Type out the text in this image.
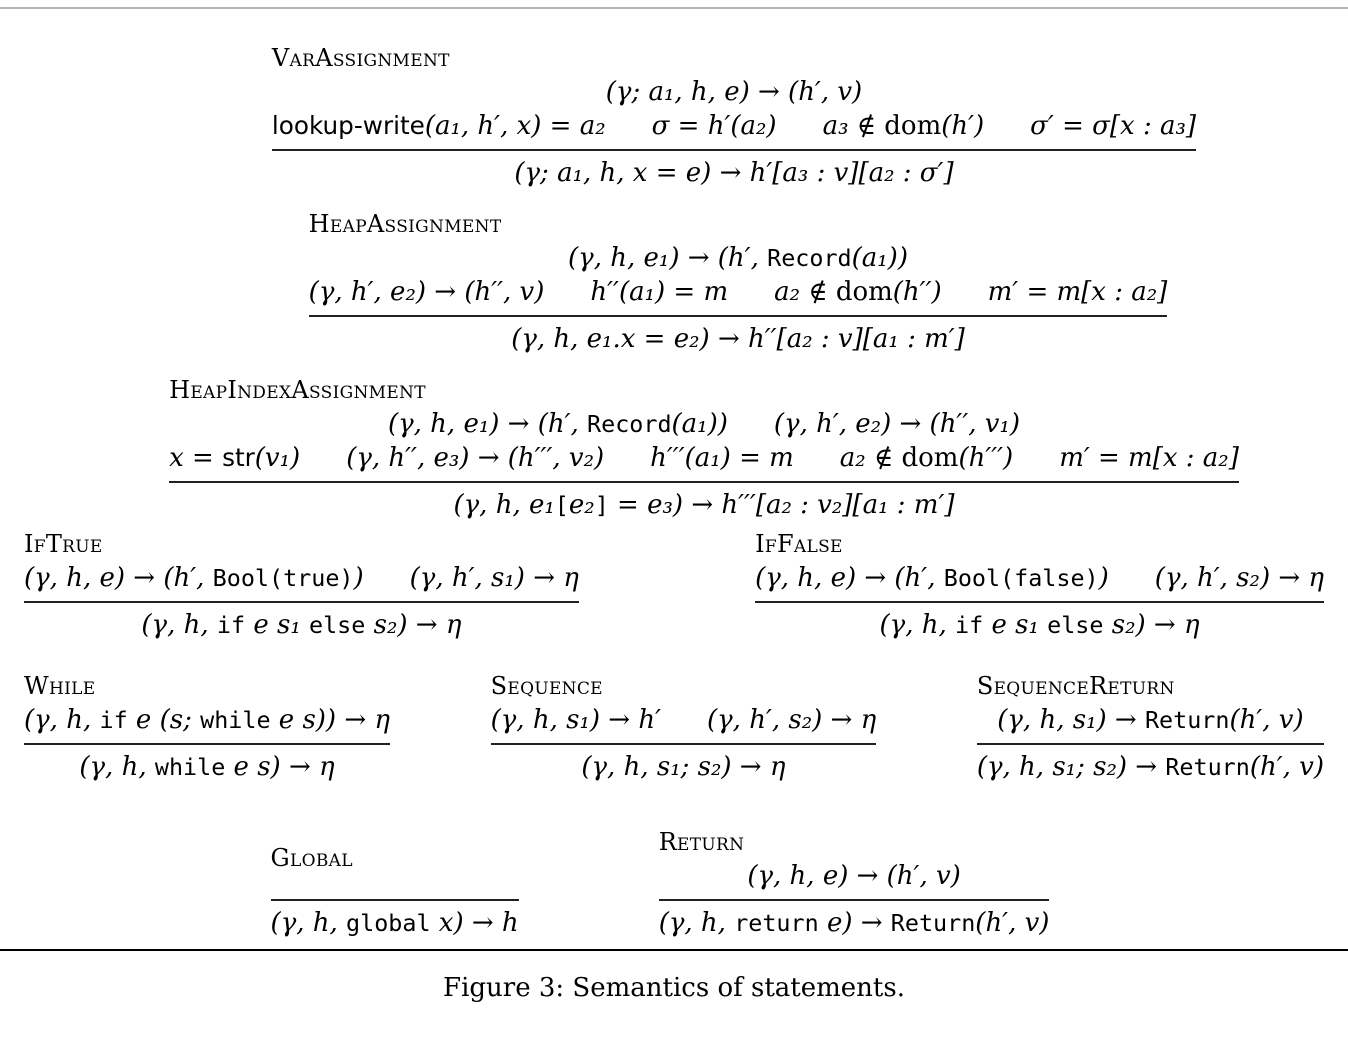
VarAssignment
(γ; a₁, h, e) → (h′, v)
lookup-write(a₁, h′, x) = a₂ σ = h′(a₂) a₃ ∉ dom(h′) σ′ = σ[x : a₃]
(γ; a₁, h, x = e) → h′[a₃ : v][a₂ : σ′]
HeapAssignment
(γ, h, e₁) → (h′, Record(a₁))
(γ, h′, e₂) → (h′′, v) h′′(a₁) = m a₂ ∉ dom(h′′) m′ = m[x : a₂]
(γ, h, e₁.x = e₂) → h′′[a₂ : v][a₁ : m′]
HeapIndexAssignment
(γ, h, e₁) → (h′, Record(a₁)) (γ, h′, e₂) → (h′′, v₁)
x = str(v₁) (γ, h′′, e₃) → (h′′′, v₂) h′′′(a₁) = m a₂ ∉ dom(h′′′) m′ = m[x : a₂]
(γ, h, e₁[e₂] = e₃) → h′′′[a₂ : v₂][a₁ : m′]
IfTrue
(γ, h, e) → (h′, Bool(true)) (γ, h′, s₁) → η
(γ, h, if e s₁ else s₂) → η
IfFalse
(γ, h, e) → (h′, Bool(false)) (γ, h′, s₂) → η
(γ, h, if e s₁ else s₂) → η
While
(γ, h, if e (s; while e s)) → η
(γ, h, while e s) → η
Sequence
(γ, h, s₁) → h′ (γ, h′, s₂) → η
(γ, h, s₁; s₂) → η
SequenceReturn
(γ, h, s₁) → Return(h′, v)
(γ, h, s₁; s₂) → Return(h′, v)
Global
(γ, h, global x) → h
Return
(γ, h, e) → (h′, v)
(γ, h, return e) → Return(h′, v)
Figure 3: Semantics of statements.
